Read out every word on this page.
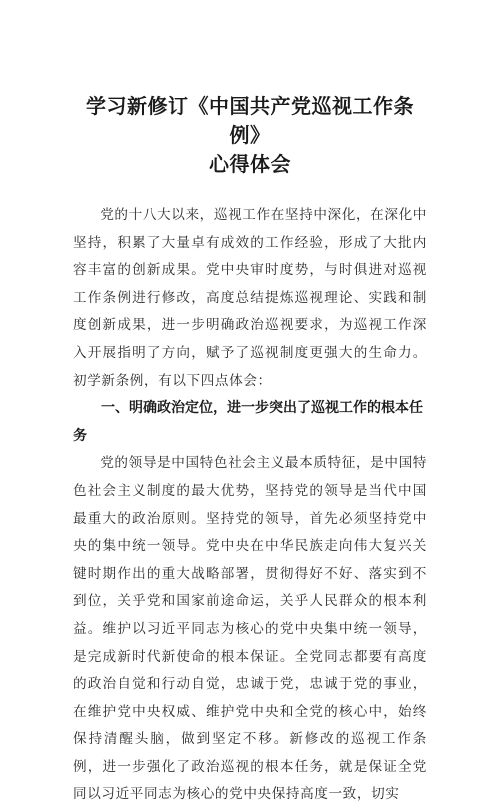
学习新修订《中国共产党巡视工作条例》
心得体会

党的十八大以来，巡视工作在坚持中深化，在深化中坚持，积累了大量卓有成效的工作经验，形成了大批内容丰富的创新成果。党中央审时度势，与时俱进对巡视工作条例进行修改，高度总结提炼巡视理论、实践和制度创新成果，进一步明确政治巡视要求，为巡视工作深入开展指明了方向，赋予了巡视制度更强大的生命力。初学新条例，有以下四点体会：

一、明确政治定位，进一步突出了巡视工作的根本任务

党的领导是中国特色社会主义最本质特征，是中国特色社会主义制度的最大优势，坚持党的领导是当代中国最重大的政治原则。坚持党的领导，首先必须坚持党中央的集中统一领导。党中央在中华民族走向伟大复兴关键时期作出的重大战略部署，贯彻得好不好、落实到不到位，关乎党和国家前途命运，关乎人民群众的根本利益。维护以习近平同志为核心的党中央集中统一领导，是完成新时代新使命的根本保证。全党同志都要有高度的政治自觉和行动自觉，忠诚于党，忠诚于党的事业，在维护党中央权威、维护党中央和全党的核心中，始终保持清醒头脑，做到坚定不移。新修改的巡视工作条例，进一步强化了政治巡视的根本任务，就是保证全党同以习近平同志为核心的党中央保持高度一致，切实
